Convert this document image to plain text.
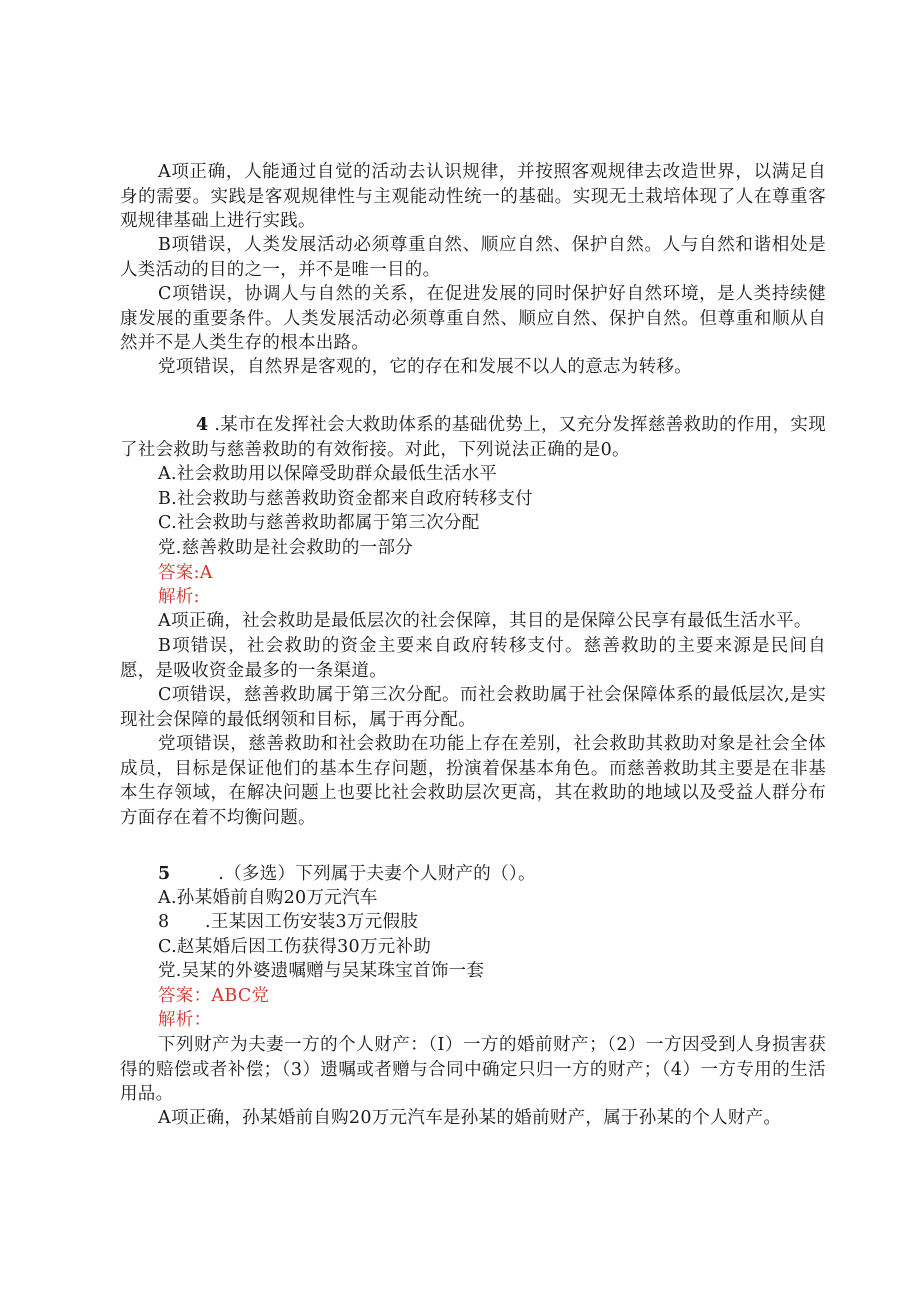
A项正确，人能通过自觉的活动去认识规律，并按照客观规律去改造世界，以满足自身的需要。实践是客观规律性与主观能动性统一的基础。实现无土栽培体现了人在尊重客观规律基础上进行实践。

B项错误，人类发展活动必须尊重自然、顺应自然、保护自然。人与自然和谐相处是人类活动的目的之一，并不是唯一目的。

C项错误，协调人与自然的关系，在促进发展的同时保护好自然环境，是人类持续健康发展的重要条件。人类发展活动必须尊重自然、顺应自然、保护自然。但尊重和顺从自然并不是人类生存的根本出路。

党项错误，自然界是客观的，它的存在和发展不以人的意志为转移。

4 .某市在发挥社会大救助体系的基础优势上，又充分发挥慈善救助的作用，实现了社会救助与慈善救助的有效衔接。对此，下列说法正确的是0。

A.社会救助用以保障受助群众最低生活水平

B.社会救助与慈善救助资金都来自政府转移支付

C.社会救助与慈善救助都属于第三次分配

党.慈善救助是社会救助的一部分

答案:A

解析:

A项正确，社会救助是最低层次的社会保障，其目的是保障公民享有最低生活水平。

B项错误，社会救助的资金主要来自政府转移支付。慈善救助的主要来源是民间自愿，是吸收资金最多的一条渠道。

C项错误，慈善救助属于第三次分配。而社会救助属于社会保障体系的最低层次,是实现社会保障的最低纲领和目标，属于再分配。

党项错误，慈善救助和社会救助在功能上存在差别，社会救助其救助对象是社会全体成员，目标是保证他们的基本生存问题，扮演着保基本角色。而慈善救助其主要是在非基本生存领域，在解决问题上也要比社会救助层次更高，其在救助的地域以及受益人群分布方面存在着不均衡问题。

5	.（多选）下列属于夫妻个人财产的（）。

A.孙某婚前自购20万元汽车

8　　.王某因工伤安装3万元假肢

C.赵某婚后因工伤获得30万元补助

党.吴某的外婆遗嘱赠与吴某珠宝首饰一套

答案：ABC党

解析：

下列财产为夫妻一方的个人财产：（I）一方的婚前财产；（2）一方因受到人身损害获得的赔偿或者补偿；（3）遗嘱或者赠与合同中确定只归一方的财产；（4）一方专用的生活用品。

A项正确，孙某婚前自购20万元汽车是孙某的婚前财产，属于孙某的个人财产。
